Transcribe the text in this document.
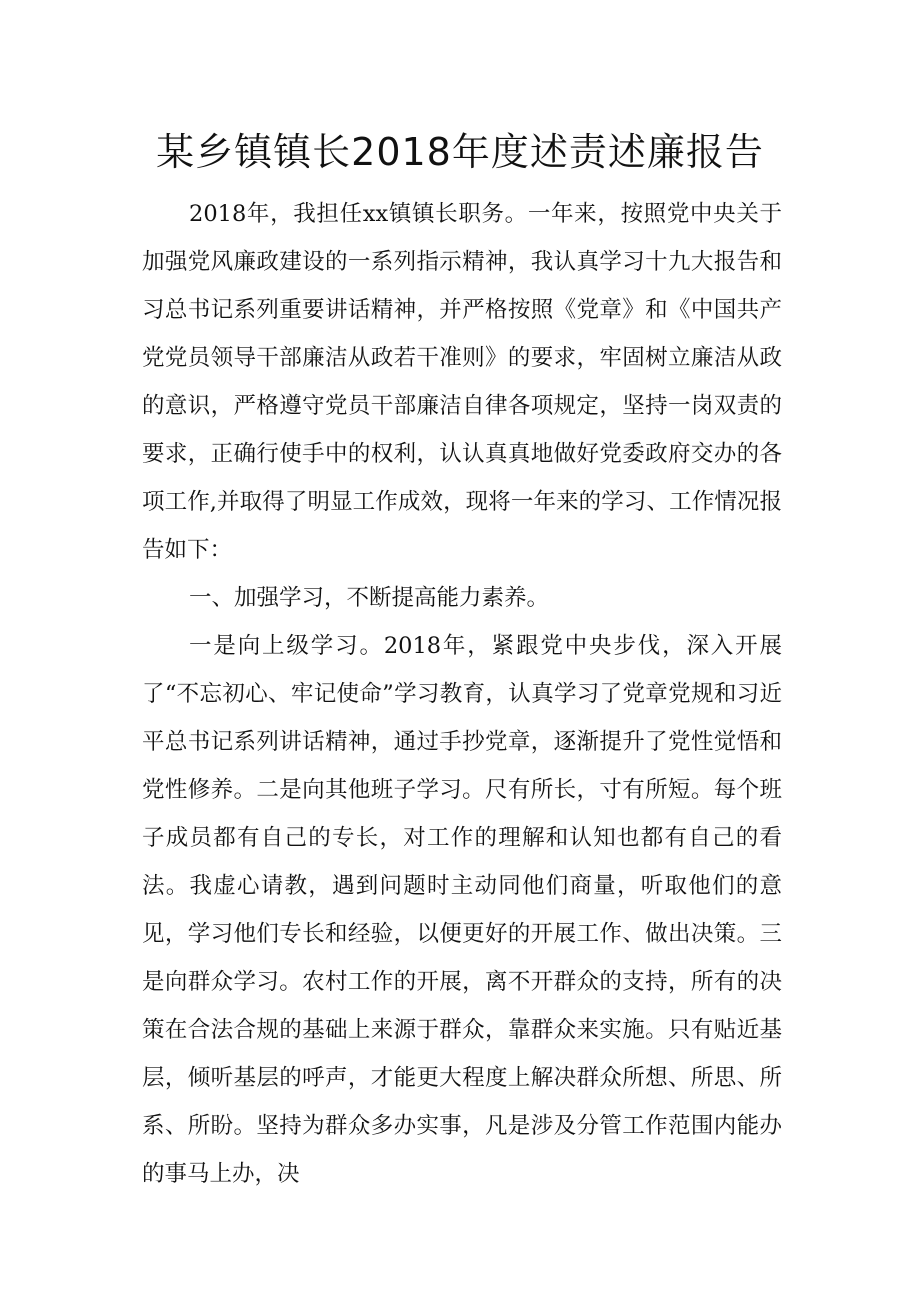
某乡镇镇长2018年度述责述廉报告

2018年，我担任xx镇镇长职务。一年来，按照党中央关于加强党风廉政建设的一系列指示精神，我认真学习十九大报告和习总书记系列重要讲话精神，并严格按照《党章》和《中国共产党党员领导干部廉洁从政若干准则》的要求，牢固树立廉洁从政的意识，严格遵守党员干部廉洁自律各项规定，坚持一岗双责的要求，正确行使手中的权利，认认真真地做好党委政府交办的各项工作,并取得了明显工作成效，现将一年来的学习、工作情况报告如下：

一、加强学习，不断提高能力素养。

一是向上级学习。2018年，紧跟党中央步伐，深入开展了“不忘初心、牢记使命”学习教育，认真学习了党章党规和习近平总书记系列讲话精神，通过手抄党章，逐渐提升了党性觉悟和党性修养。二是向其他班子学习。尺有所长，寸有所短。每个班子成员都有自己的专长，对工作的理解和认知也都有自己的看法。我虚心请教，遇到问题时主动同他们商量，听取他们的意见，学习他们专长和经验，以便更好的开展工作、做出决策。三是向群众学习。农村工作的开展，离不开群众的支持，所有的决策在合法合规的基础上来源于群众，靠群众来实施。只有贴近基层，倾听基层的呼声，才能更大程度上解决群众所想、所思、所系、所盼。坚持为群众多办实事，凡是涉及分管工作范围内能办的事马上办，决
